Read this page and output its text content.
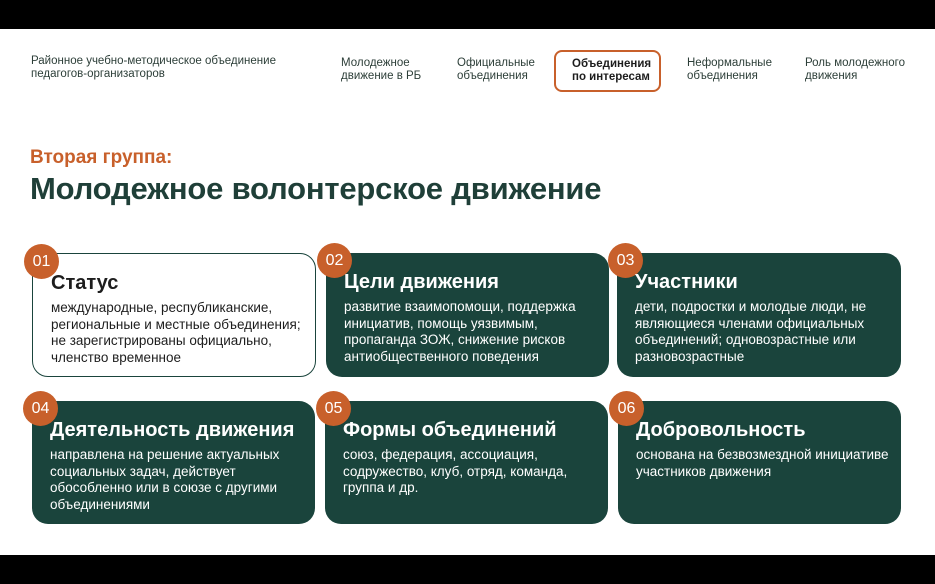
Районное учебно-методическое объединение педагогов-организаторов
Молодежное движение в РБ
Официальные объединения
Объединения по интересам
Неформальные объединения
Роль молодежного движения
Вторая группа:
Молодежное волонтерское движение
01
Статус
международные, республиканские, региональные и местные объединения; не зарегистрированы официально, членство временное
02
Цели движения
развитие взаимопомощи, поддержка инициатив, помощь уязвимым, пропаганда ЗОЖ, снижение рисков антиобщественного поведения
03
Участники
дети, подростки и молодые люди, не являющиеся членами официальных объединений; одновозрастные или разновозрастные
04
Деятельность движения
направлена на решение актуальных социальных задач, действует обособленно или в союзе с другими объединениями
05
Формы объединений
союз, федерация, ассоциация, содружество, клуб, отряд, команда, группа и др.
06
Добровольность
основана на безвозмездной инициативе участников движения
